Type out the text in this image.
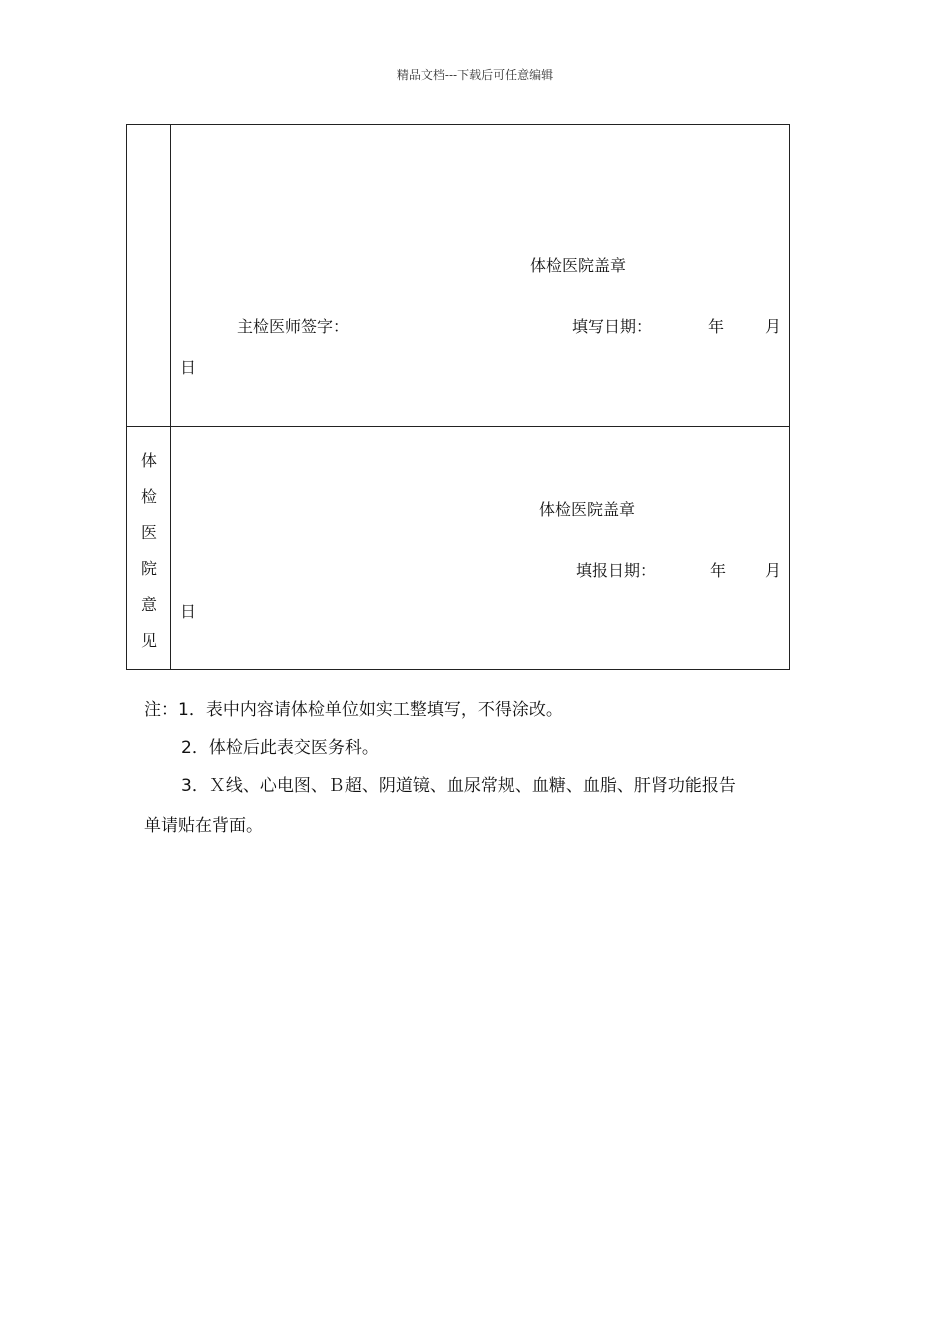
精品文档---下载后可任意编辑
体检医院盖章
主检医师签字：	填写日期：	年	月
日
体
检
医
院
意
见
体检医院盖章
填报日期：	年 月
日
注：1．表中内容请体检单位如实工整填写，不得涂改。
2．体检后此表交医务科。
3．Ｘ线、心电图、Ｂ超、阴道镜、血尿常规、血糖、血脂、肝肾功能报告
单请贴在背面。
